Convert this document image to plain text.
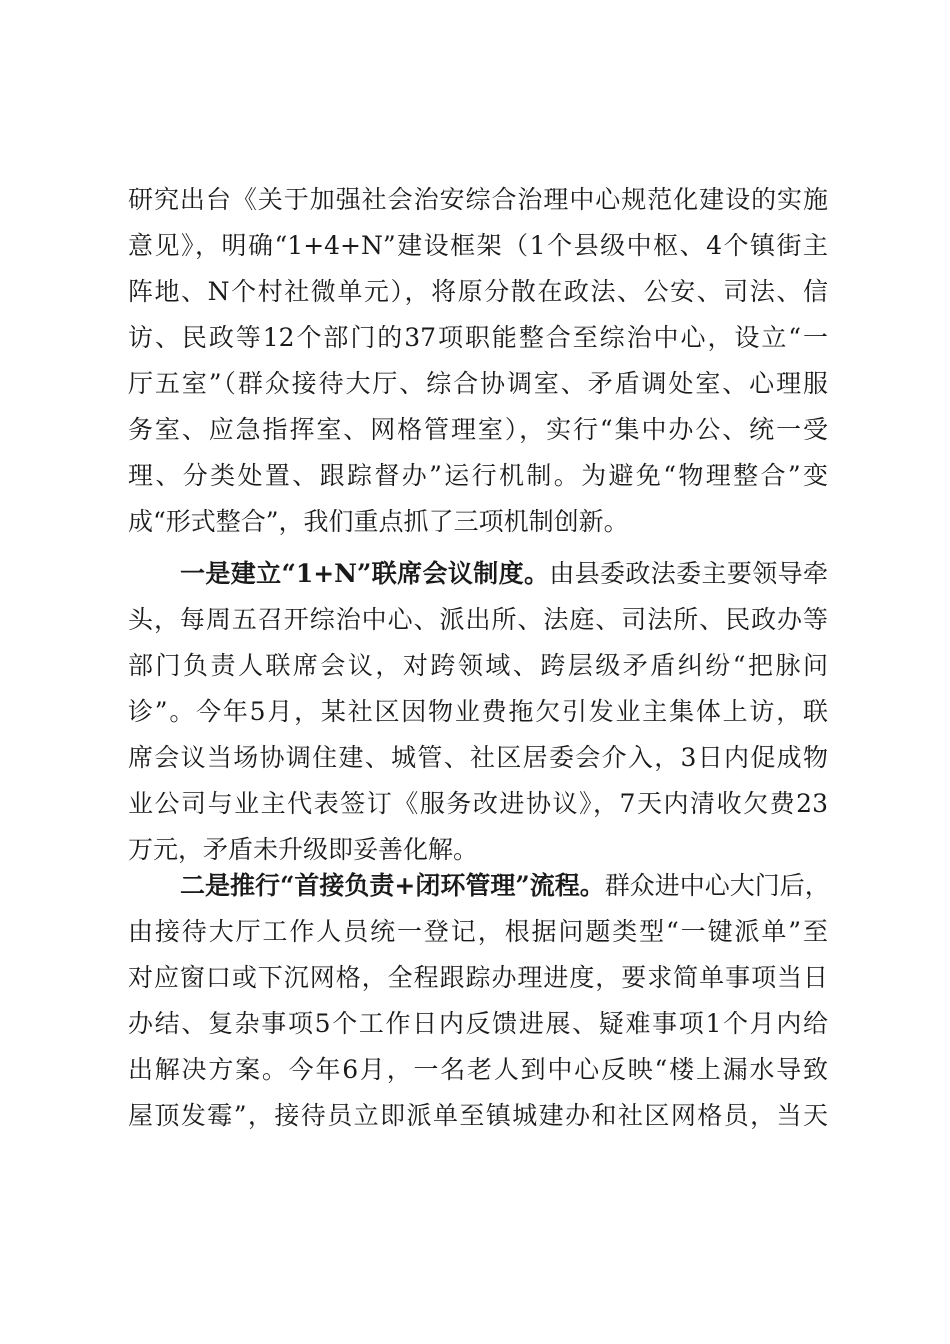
研究出台《关于加强社会治安综合治理中心规范化建设的实施
意见》，明确“1+4+N”建设框架（1个县级中枢、4个镇街主
阵地、N个村社微单元），将原分散在政法、公安、司法、信
访、民政等12个部门的37项职能整合至综治中心，设立“一
厅五室”（群众接待大厅、综合协调室、矛盾调处室、心理服
务室、应急指挥室、网格管理室），实行“集中办公、统一受
理、分类处置、跟踪督办”运行机制。为避免“物理整合”变
成“形式整合”，我们重点抓了三项机制创新。
一是建立“1+N”联席会议制度。由县委政法委主要领导牵
头，每周五召开综治中心、派出所、法庭、司法所、民政办等
部门负责人联席会议，对跨领域、跨层级矛盾纠纷“把脉问
诊”。今年5月，某社区因物业费拖欠引发业主集体上访，联
席会议当场协调住建、城管、社区居委会介入，3日内促成物
业公司与业主代表签订《服务改进协议》，7天内清收欠费23
万元，矛盾未升级即妥善化解。
二是推行“首接负责+闭环管理”流程。群众进中心大门后，
由接待大厅工作人员统一登记，根据问题类型“一键派单”至
对应窗口或下沉网格，全程跟踪办理进度，要求简单事项当日
办结、复杂事项5个工作日内反馈进展、疑难事项1个月内给
出解决方案。今年6月，一名老人到中心反映“楼上漏水导致
屋顶发霉”，接待员立即派单至镇城建办和社区网格员，当天
